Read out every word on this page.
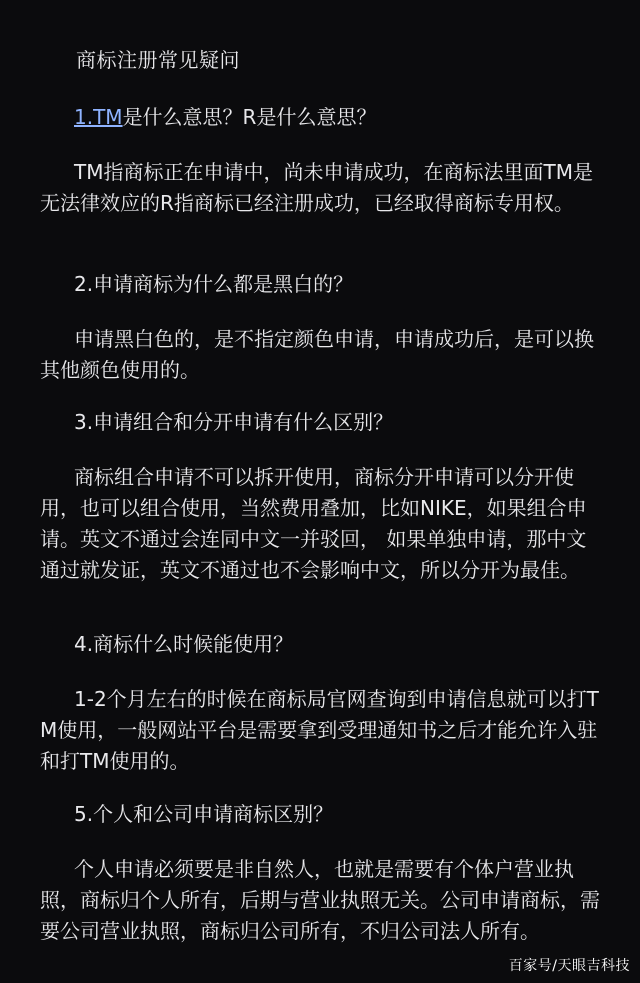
商标注册常见疑问
1.TM是什么意思？R是什么意思？
TM指商标正在申请中，尚未申请成功，在商标法里面TM是无法律效应的R指商标已经注册成功，已经取得商标专用权。
2.申请商标为什么都是黑白的？
申请黑白色的，是不指定颜色申请，申请成功后，是可以换其他颜色使用的。
3.申请组合和分开申请有什么区别？
商标组合申请不可以拆开使用，商标分开申请可以分开使用，也可以组合使用，当然费用叠加，比如NIKE，如果组合申请。英文不通过会连同中文一并驳回， 如果单独申请，那中文通过就发证，英文不通过也不会影响中文，所以分开为最佳。
4.商标什么时候能使用？
1-2个月左右的时候在商标局官网查询到申请信息就可以打TM使用，一般网站平台是需要拿到受理通知书之后才能允许入驻和打TM使用的。
5.个人和公司申请商标区别？
个人申请必须要是非自然人，也就是需要有个体户营业执照，商标归个人所有，后期与营业执照无关。公司申请商标，需要公司营业执照，商标归公司所有，不归公司法人所有。
百家号/天眼吉科技
